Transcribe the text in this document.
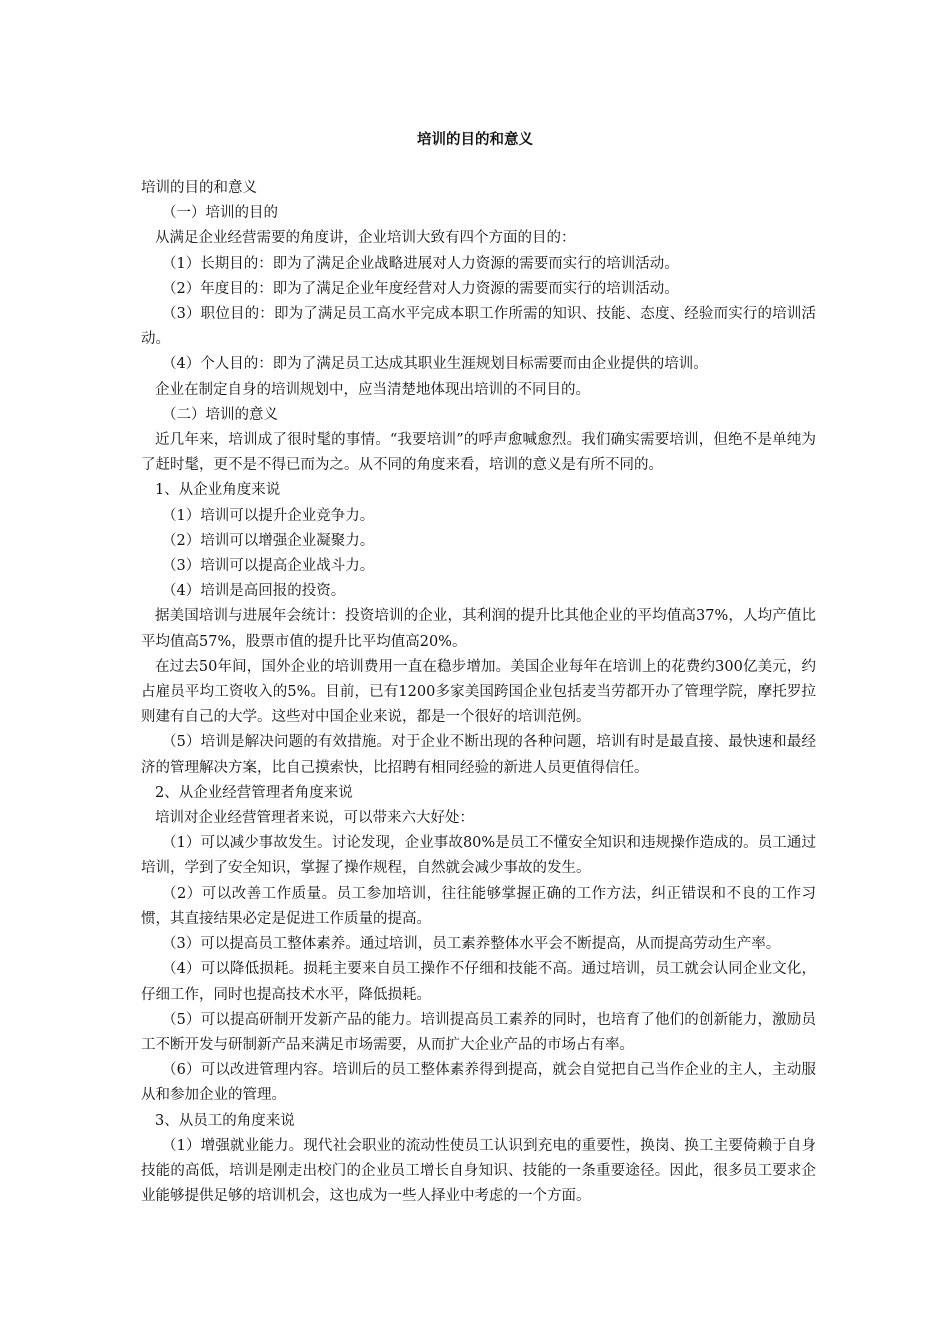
培训的目的和意义

培训的目的和意义

（一）培训的目的

从满足企业经营需要的角度讲，企业培训大致有四个方面的目的：

（1）长期目的：即为了满足企业战略进展对人力资源的需要而实行的培训活动。

（2）年度目的：即为了满足企业年度经营对人力资源的需要而实行的培训活动。

（3）职位目的：即为了满足员工高水平完成本职工作所需的知识、技能、态度、经验而实行的培训活动。

（4）个人目的：即为了满足员工达成其职业生涯规划目标需要而由企业提供的培训。

企业在制定自身的培训规划中，应当清楚地体现出培训的不同目的。

（二）培训的意义

近几年来，培训成了很时髦的事情。“我要培训”的呼声愈喊愈烈。我们确实需要培训，但绝不是单纯为了赶时髦，更不是不得已而为之。从不同的角度来看，培训的意义是有所不同的。

1、从企业角度来说

（1）培训可以提升企业竞争力。

（2）培训可以增强企业凝聚力。

（3）培训可以提高企业战斗力。

（4）培训是高回报的投资。

据美国培训与进展年会统计：投资培训的企业，其利润的提升比其他企业的平均值高37%，人均产值比平均值高57%，股票市值的提升比平均值高20%。

在过去50年间，国外企业的培训费用一直在稳步增加。美国企业每年在培训上的花费约300亿美元，约占雇员平均工资收入的5%。目前，已有1200多家美国跨国企业包括麦当劳都开办了管理学院，摩托罗拉则建有自己的大学。这些对中国企业来说，都是一个很好的培训范例。

（5）培训是解决问题的有效措施。对于企业不断出现的各种问题，培训有时是最直接、最快速和最经济的管理解决方案，比自己摸索快，比招聘有相同经验的新进人员更值得信任。

2、从企业经营管理者角度来说

培训对企业经营管理者来说，可以带来六大好处：

（1）可以减少事故发生。讨论发现，企业事故80%是员工不懂安全知识和违规操作造成的。员工通过培训，学到了安全知识，掌握了操作规程，自然就会减少事故的发生。

（2）可以改善工作质量。员工参加培训，往往能够掌握正确的工作方法，纠正错误和不良的工作习惯，其直接结果必定是促进工作质量的提高。

（3）可以提高员工整体素养。通过培训，员工素养整体水平会不断提高，从而提高劳动生产率。

（4）可以降低损耗。损耗主要来自员工操作不仔细和技能不高。通过培训，员工就会认同企业文化，仔细工作，同时也提高技术水平，降低损耗。

（5）可以提高研制开发新产品的能力。培训提高员工素养的同时，也培育了他们的创新能力，激励员工不断开发与研制新产品来满足市场需要，从而扩大企业产品的市场占有率。

（6）可以改进管理内容。培训后的员工整体素养得到提高，就会自觉把自己当作企业的主人，主动服从和参加企业的管理。

3、从员工的角度来说

（1）增强就业能力。现代社会职业的流动性使员工认识到充电的重要性，换岗、换工主要倚赖于自身技能的高低，培训是刚走出校门的企业员工增长自身知识、技能的一条重要途径。因此，很多员工要求企业能够提供足够的培训机会，这也成为一些人择业中考虑的一个方面。
